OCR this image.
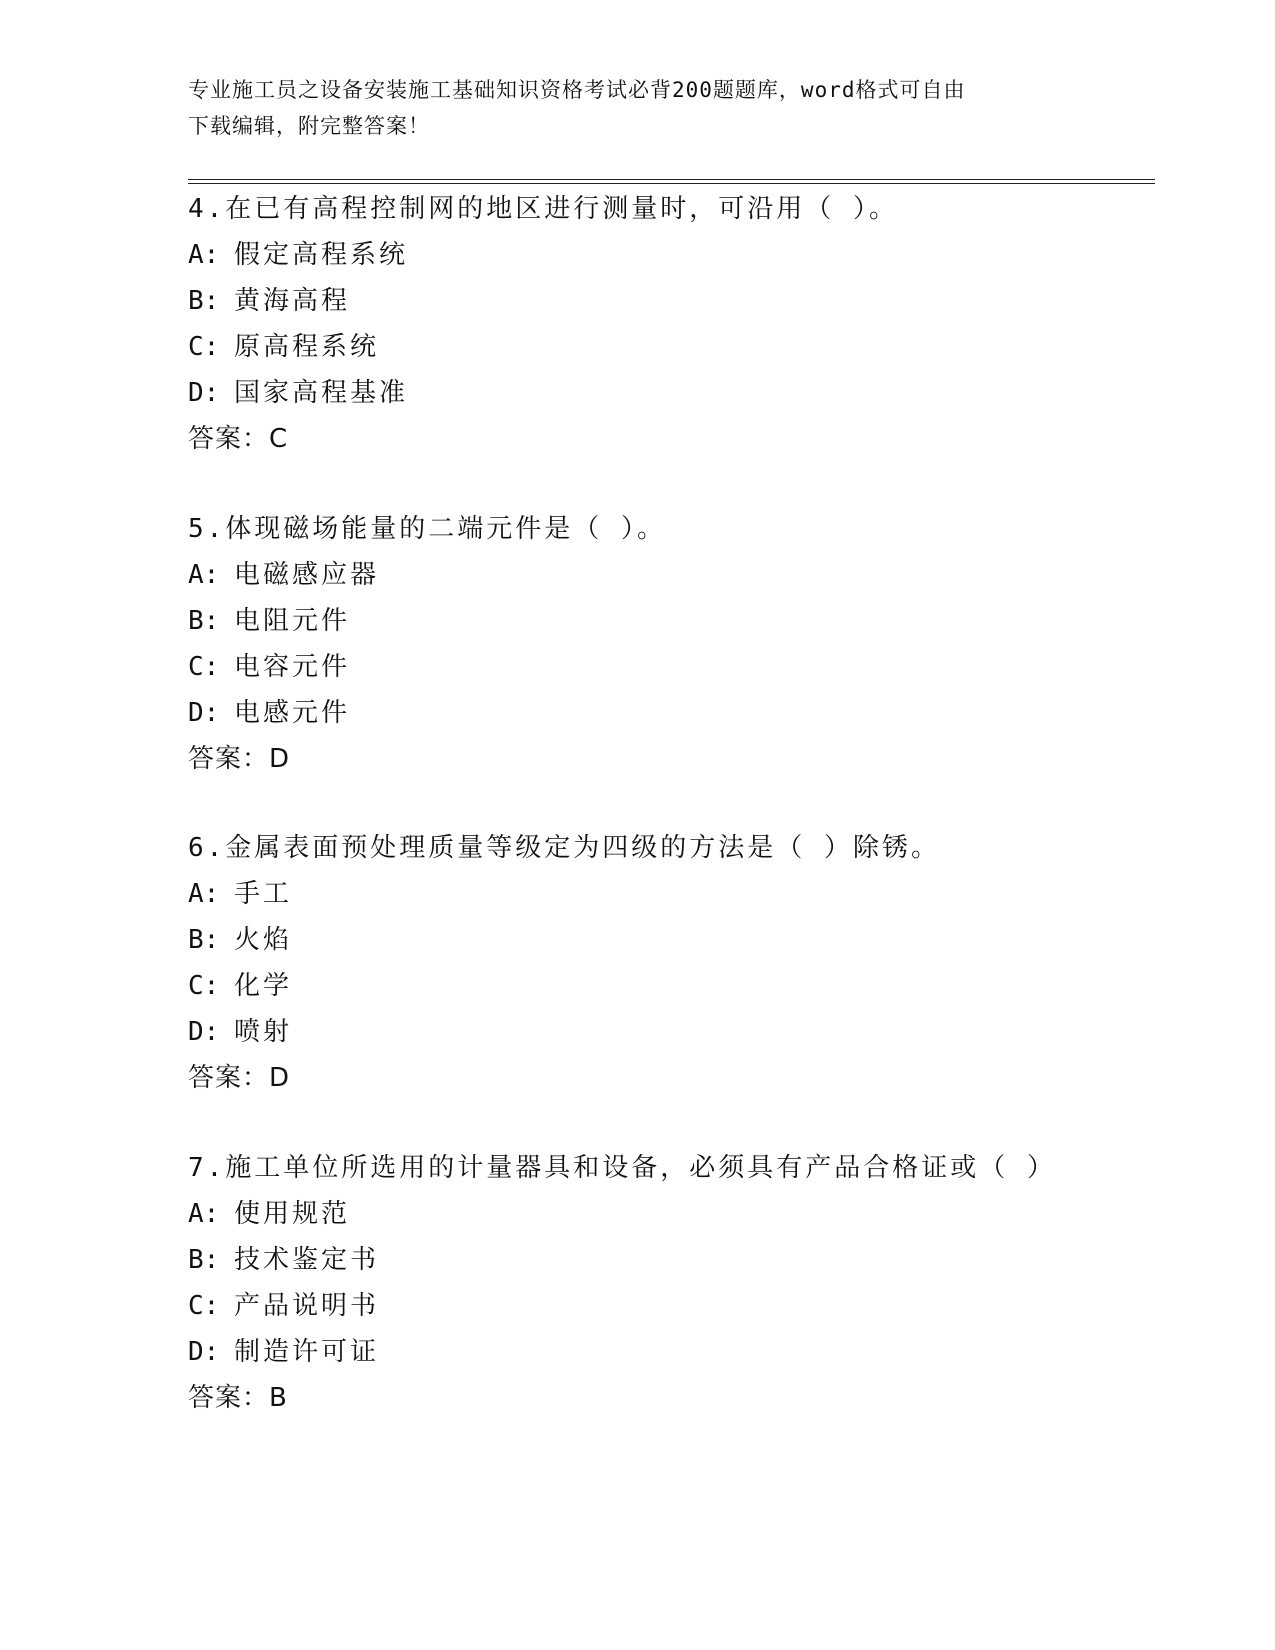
专业施工员之设备安装施工基础知识资格考试必背200题题库，word格式可自由
下载编辑，附完整答案！
4.在已有高程控制网的地区进行测量时，可沿用（ ）。
A: 假定高程系统
B: 黄海高程
C: 原高程系统
D: 国家高程基准
答案：C
5.体现磁场能量的二端元件是（ ）。
A: 电磁感应器
B: 电阻元件
C: 电容元件
D: 电感元件
答案：D
6.金属表面预处理质量等级定为四级的方法是（ ）除锈。
A: 手工
B: 火焰
C: 化学
D: 喷射
答案：D
7.施工单位所选用的计量器具和设备，必须具有产品合格证或（ ）
A: 使用规范
B: 技术鉴定书
C: 产品说明书
D: 制造许可证
答案：B
